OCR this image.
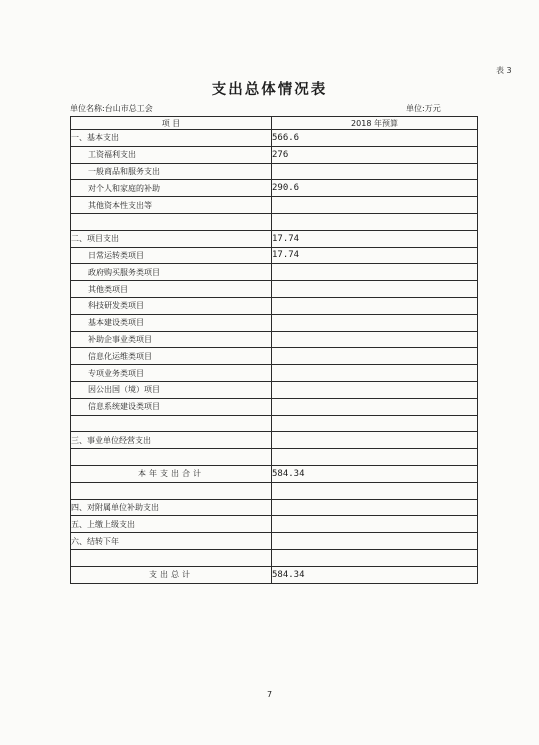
表 3
支出总体情况表
单位名称:台山市总工会	单位:万元
项 目	2018 年预算
一、基本支出	566.6
工资福利支出	276
一般商品和服务支出	
对个人和家庭的补助	290.6
其他资本性支出等	

二、项目支出	17.74
日常运转类项目	17.74
政府购买服务类项目	
其他类项目	
科技研发类项目	
基本建设类项目	
补助企事业类项目	
信息化运维类项目	
专项业务类项目	
因公出国（境）项目	
信息系统建设类项目	

三、事业单位经营支出	

本年支出合计	584.34

四、对附属单位补助支出	
五、上缴上级支出	
六、结转下年	

支出总计	584.34
7
